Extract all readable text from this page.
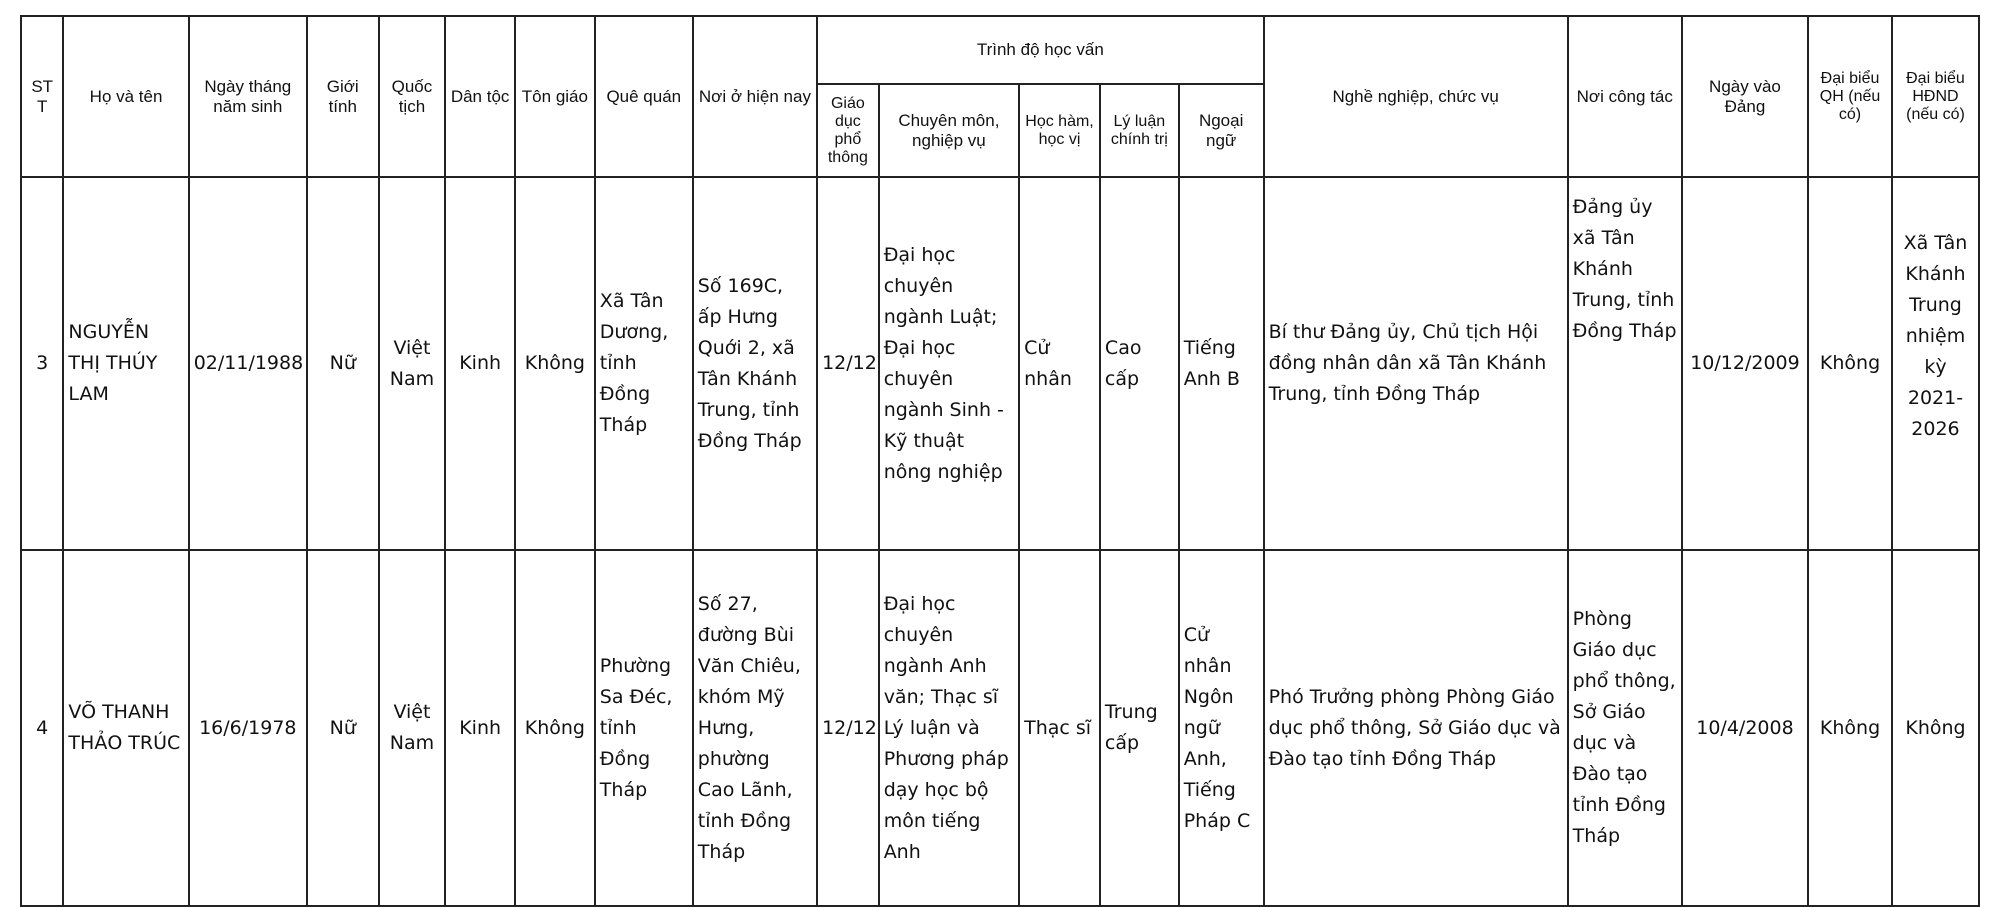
ST T	Họ và tên	Ngày tháng năm sinh	Giới tính	Quốc tịch	Dân tộc	Tôn giáo	Quê quán	Nơi ở hiện nay	Trình độ học vấn					Nghề nghiệp, chức vụ	Nơi công tác	Ngày vào Đảng	Đại biểu QH (nếu có)	Đại biểu HĐND (nếu có)
									Giáo dục phổ thông	Chuyên môn, nghiệp vụ	Học hàm, học vị	Lý luận chính trị	Ngoại ngữ					
3	NGUYỄN THỊ THÚY LAM	02/11/1988	Nữ	Việt Nam	Kinh	Không	Xã Tân Dương, tỉnh Đồng Tháp	Số 169C, ấp Hưng Quới 2, xã Tân Khánh Trung, tỉnh Đồng Tháp	12/12	Đại học chuyên ngành Luật; Đại học chuyên ngành Sinh - Kỹ thuật nông nghiệp	Cử nhân	Cao cấp	Tiếng Anh B	Bí thư Đảng ủy, Chủ tịch Hội đồng nhân dân xã Tân Khánh Trung, tỉnh Đồng Tháp	Đảng ủy xã Tân Khánh Trung, tỉnh Đồng Tháp	10/12/2009	Không	Xã Tân Khánh Trung nhiệm kỳ 2021-2026
4	VÕ THANH THẢO TRÚC	16/6/1978	Nữ	Việt Nam	Kinh	Không	Phường Sa Đéc, tỉnh Đồng Tháp	Số 27, đường Bùi Văn Chiêu, khóm Mỹ Hưng, phường Cao Lãnh, tỉnh Đồng Tháp	12/12	Đại học chuyên ngành Anh văn; Thạc sĩ Lý luận và Phương pháp dạy học bộ môn tiếng Anh	Thạc sĩ	Trung cấp	Cử nhân Ngôn ngữ Anh, Tiếng Pháp C	Phó Trưởng phòng Phòng Giáo dục phổ thông, Sở Giáo dục và Đào tạo tỉnh Đồng Tháp	Phòng Giáo dục phổ thông, Sở Giáo dục và Đào tạo tỉnh Đồng Tháp	10/4/2008	Không	Không
